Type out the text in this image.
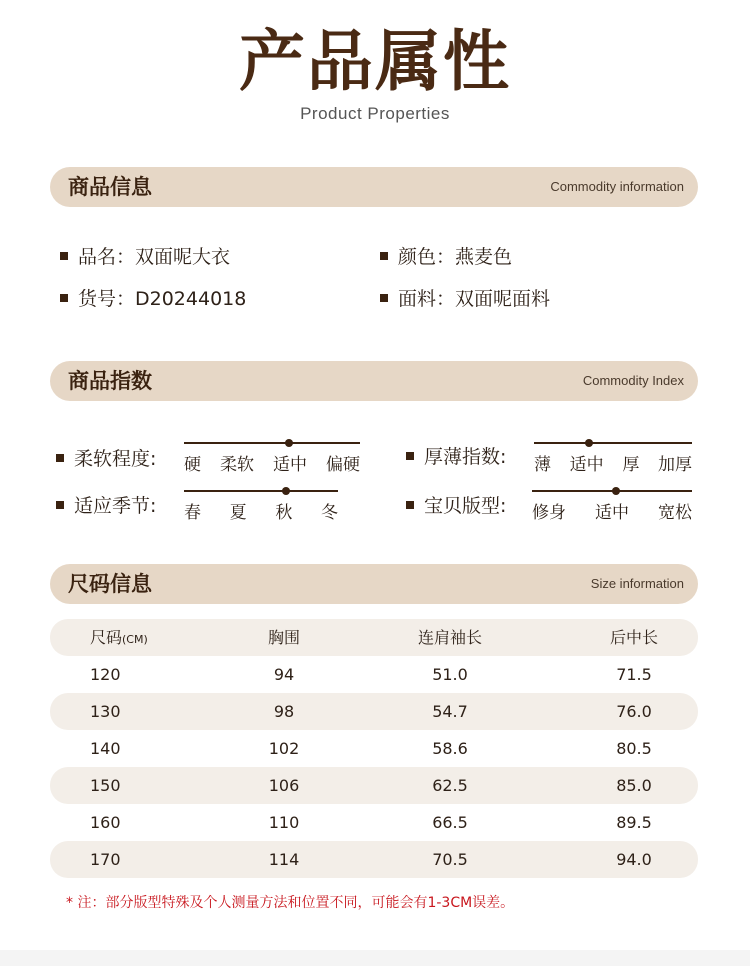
产品属性
Product Properties
商品信息	Commodity information
品名：双面呢大衣	颜色：燕麦色
货号：D20244018	面料：双面呢面料
商品指数	Commodity Index
柔软程度: 硬 柔软 适中 偏硬	厚薄指数: 薄 适中 厚 加厚
适应季节: 春 夏 秋 冬	宝贝版型: 修身 适中 宽松
尺码信息	Size information
尺码(CM)	胸围	连肩袖长	后中长
120	94	51.0	71.5
130	98	54.7	76.0
140	102	58.6	80.5
150	106	62.5	85.0
160	110	66.5	89.5
170	114	70.5	94.0
* 注：部分版型特殊及个人测量方法和位置不同，可能会有1-3CM误差。
